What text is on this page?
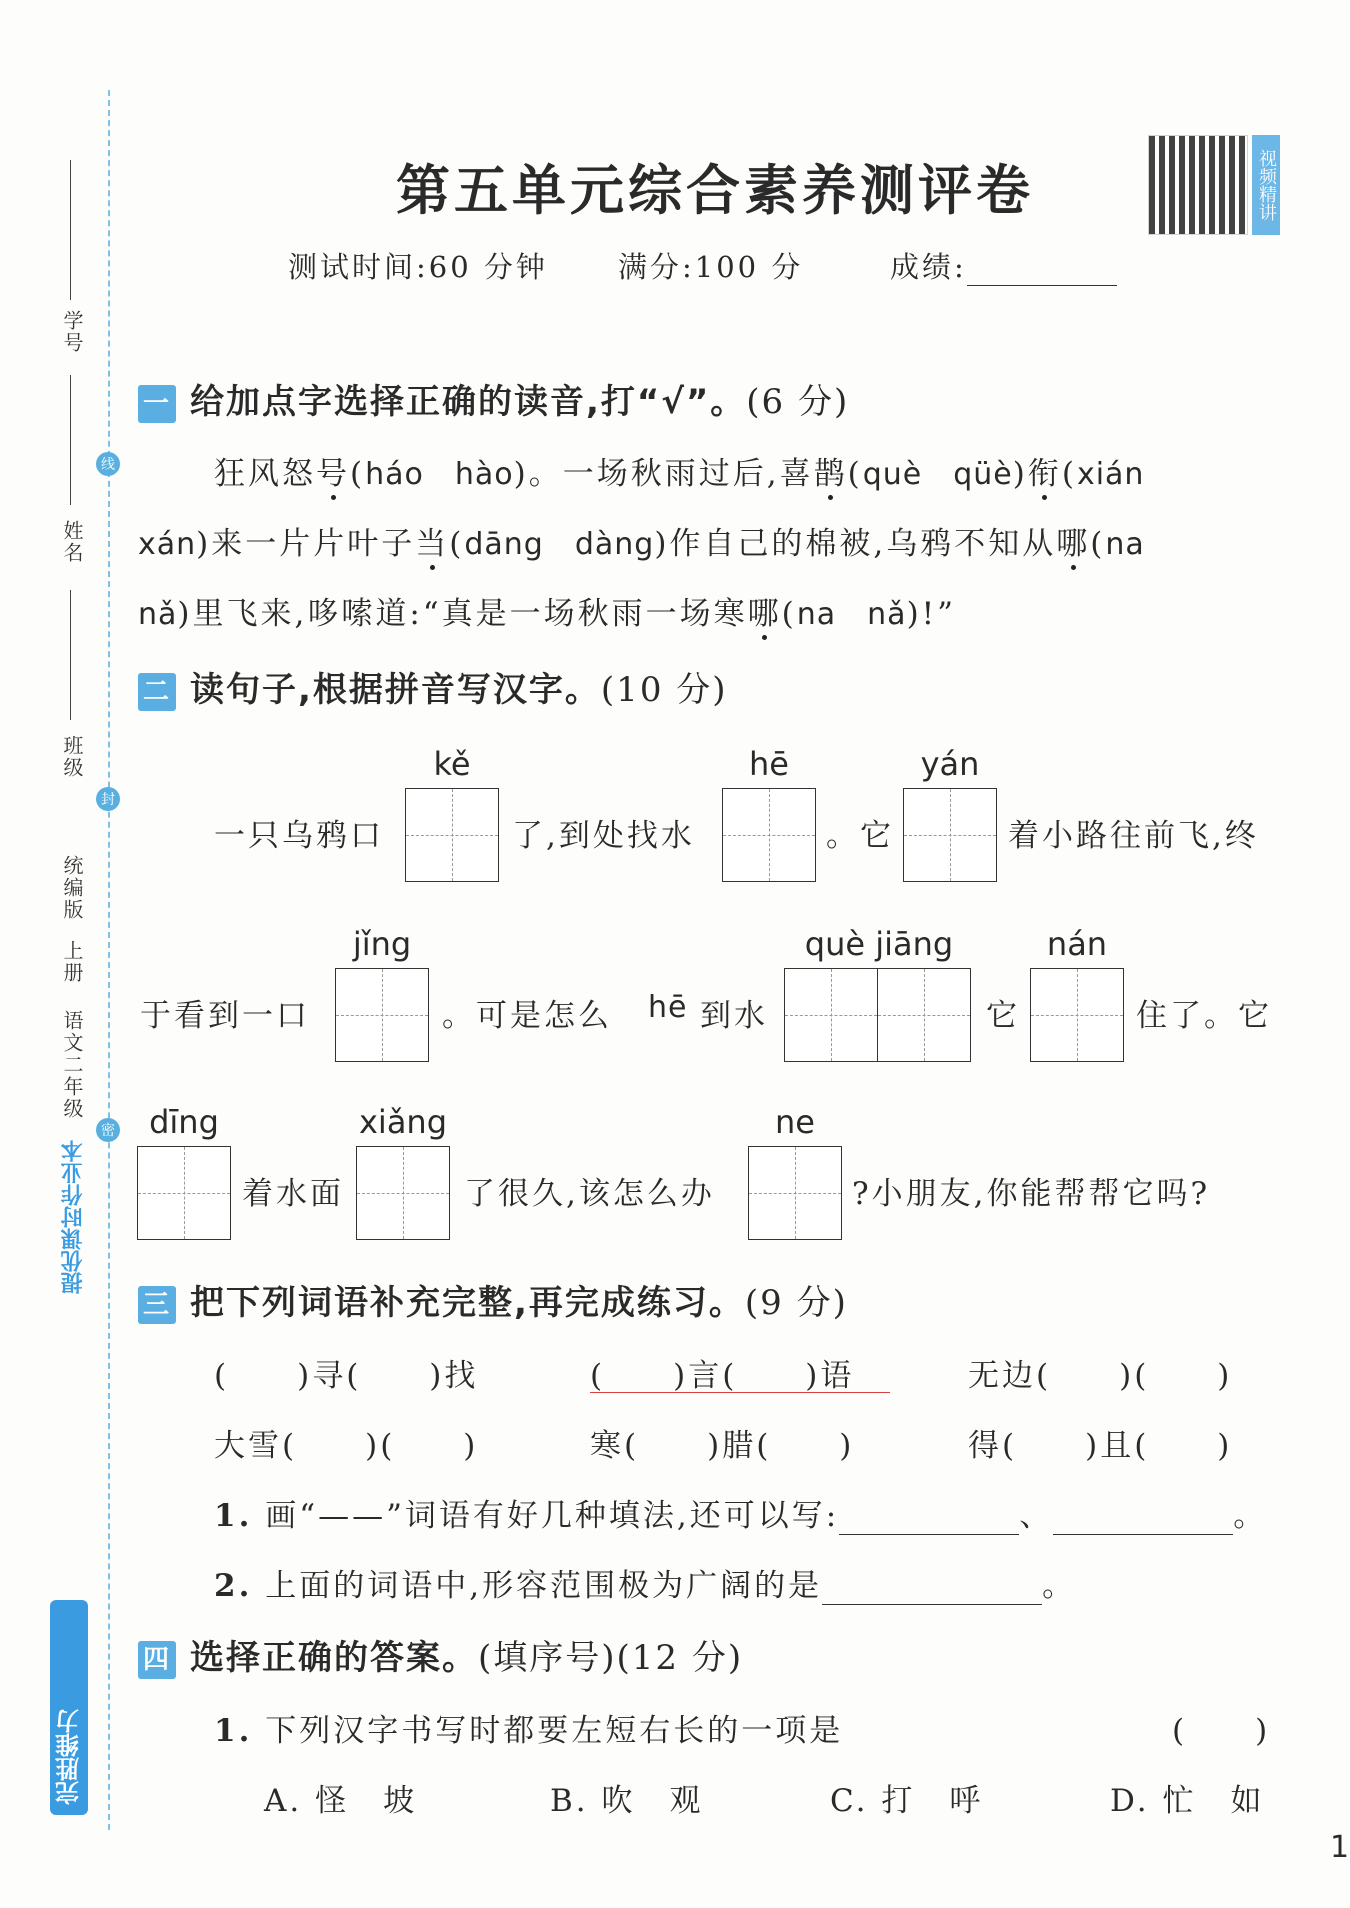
学号
姓名
班级
统编版
上册
语文二年级
线
封
密
完胜维力
提优课时作业本
第五单元综合素养测评卷
测试时间:60 分钟 满分:100 分	成绩:
视频精讲
一 给加点字选择正确的读音,打“√”。(6 分)
狂风怒号(háo　hào)。一场秋雨过后,喜鹊(què　qüè)衔(xián
xán)来一片片叶子当(dāng　dàng)作自己的棉被,乌鸦不知从哪(na
nǎ)里飞来,哆嗦道:“真是一场秋雨一场寒哪(na　nǎ)!”
二 读句子,根据拼音写汉字。(10 分)
kě	hē	yán
一只乌鸦口	了,到处找水	。它	着小路往前飞,终
jǐng	què jiāng	nán
于看到一口	。可是怎么 hē 到水	它	住了。它
dīng	xiǎng	ne
着水面	了很久,该怎么办	?小朋友,你能帮帮它吗?
三 把下列词语补充完整,再完成练习。(9 分)
(　　)寻(　　)找	(　　)言(　　)语	无边(　　)(　　)
大雪(　　)(　　)	寒(　　)腊(　　)	得(　　)且(　　)
1. 画“——”词语有好几种填法,还可以写:	、	。
2. 上面的词语中,形容范围极为广阔的是	。
四 选择正确的答案。(填序号)(12 分)
1. 下列汉字书写时都要左短右长的一项是	(　　)
A. 怪　坡	B. 吹　观	C. 打　呼	D. 忙　如
1
